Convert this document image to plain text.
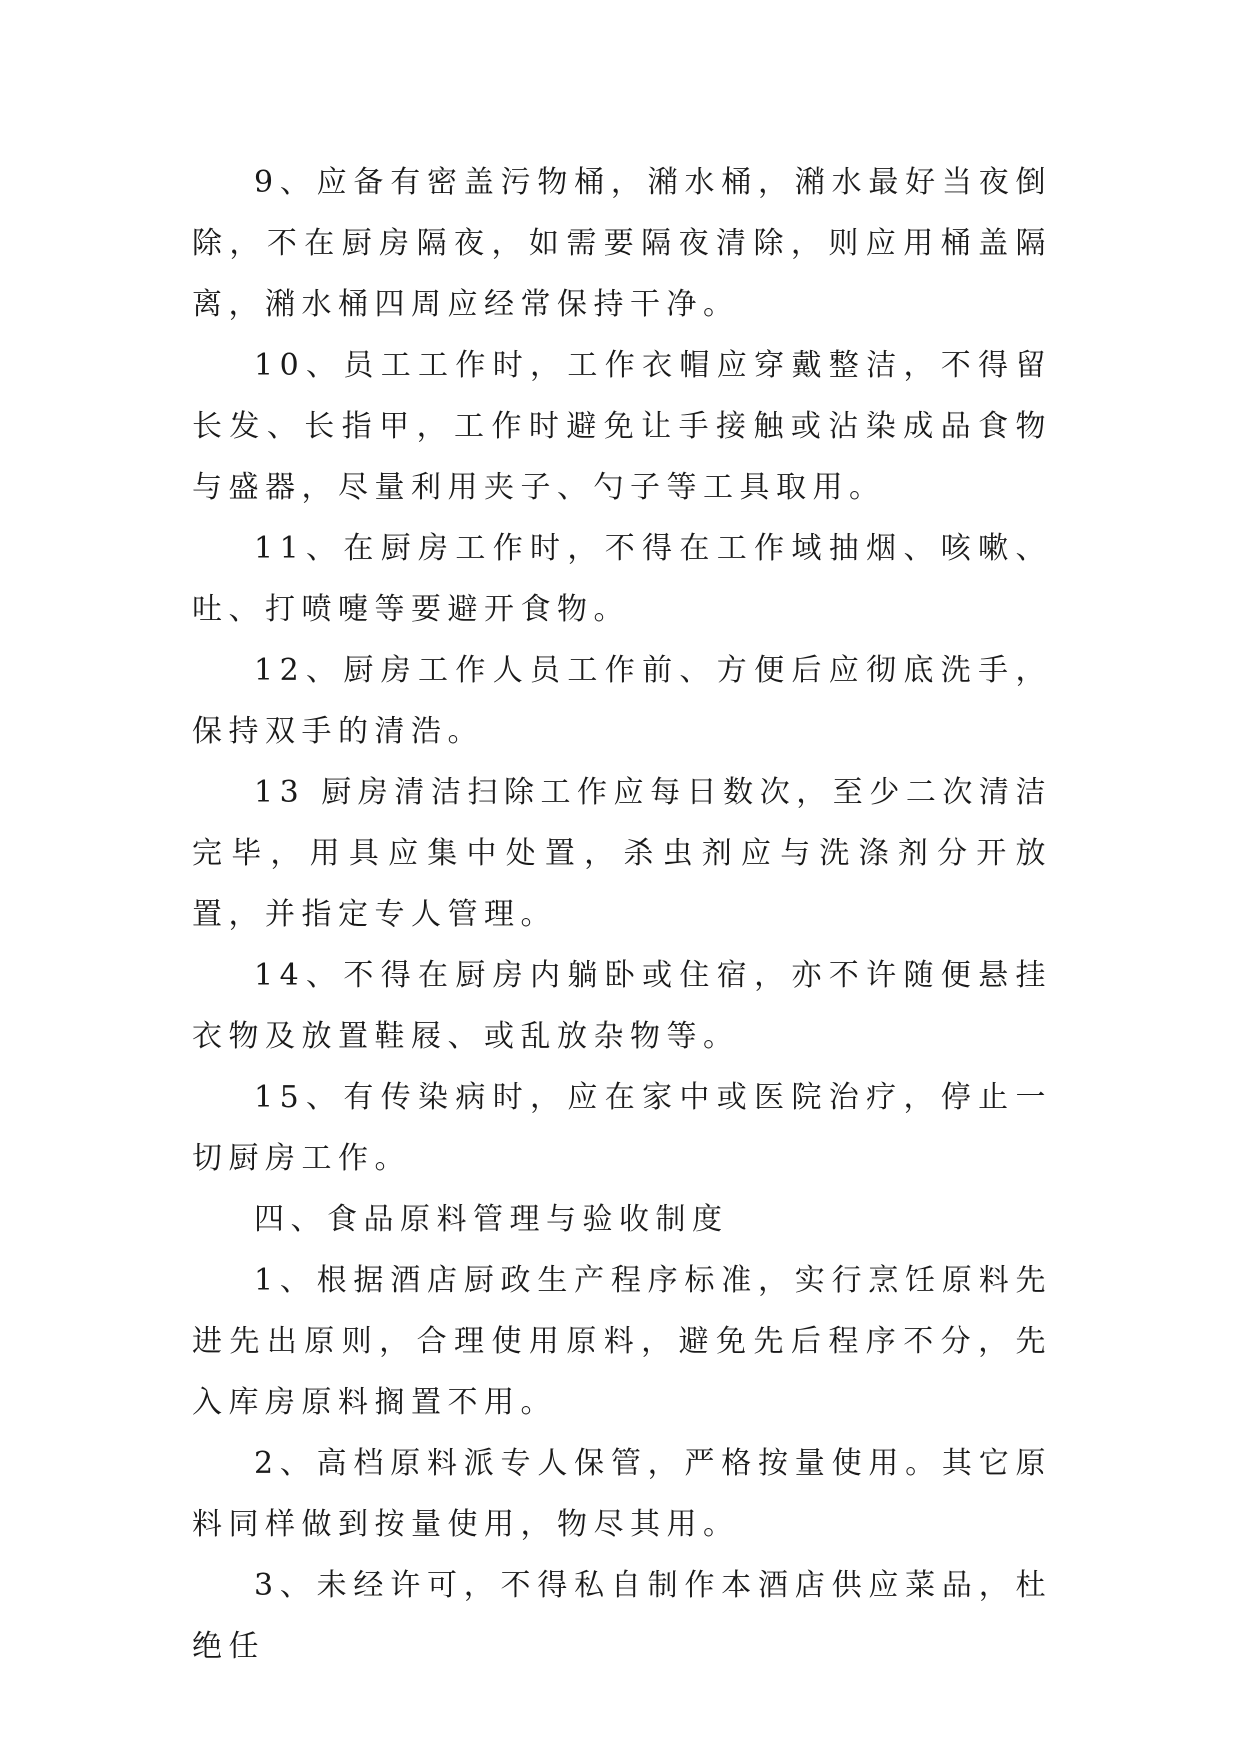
9、应备有密盖污物桶，潲水桶，潲水最好当夜倒除，不在厨房隔夜，如需要隔夜清除，则应用桶盖隔离，潲水桶四周应经常保持干净。

10、员工工作时，工作衣帽应穿戴整洁，不得留长发、长指甲，工作时避免让手接触或沾染成品食物与盛器，尽量利用夹子、勺子等工具取用。

11、在厨房工作时，不得在工作域抽烟、咳嗽、吐、打喷嚏等要避开食物。

12、厨房工作人员工作前、方便后应彻底洗手，保持双手的清浩。

13 厨房清洁扫除工作应每日数次，至少二次清洁完毕，用具应集中处置，杀虫剂应与洗涤剂分开放置，并指定专人管理。

14、不得在厨房内躺卧或住宿，亦不许随便悬挂衣物及放置鞋屐、或乱放杂物等。

15、有传染病时，应在家中或医院治疗，停止一切厨房工作。

四、食品原料管理与验收制度

1、根据酒店厨政生产程序标准，实行烹饪原料先进先出原则，合理使用原料，避免先后程序不分，先入库房原料搁置不用。

2、高档原料派专人保管，严格按量使用。其它原料同样做到按量使用，物尽其用。

3、未经许可，不得私自制作本酒店供应菜品，杜绝任
